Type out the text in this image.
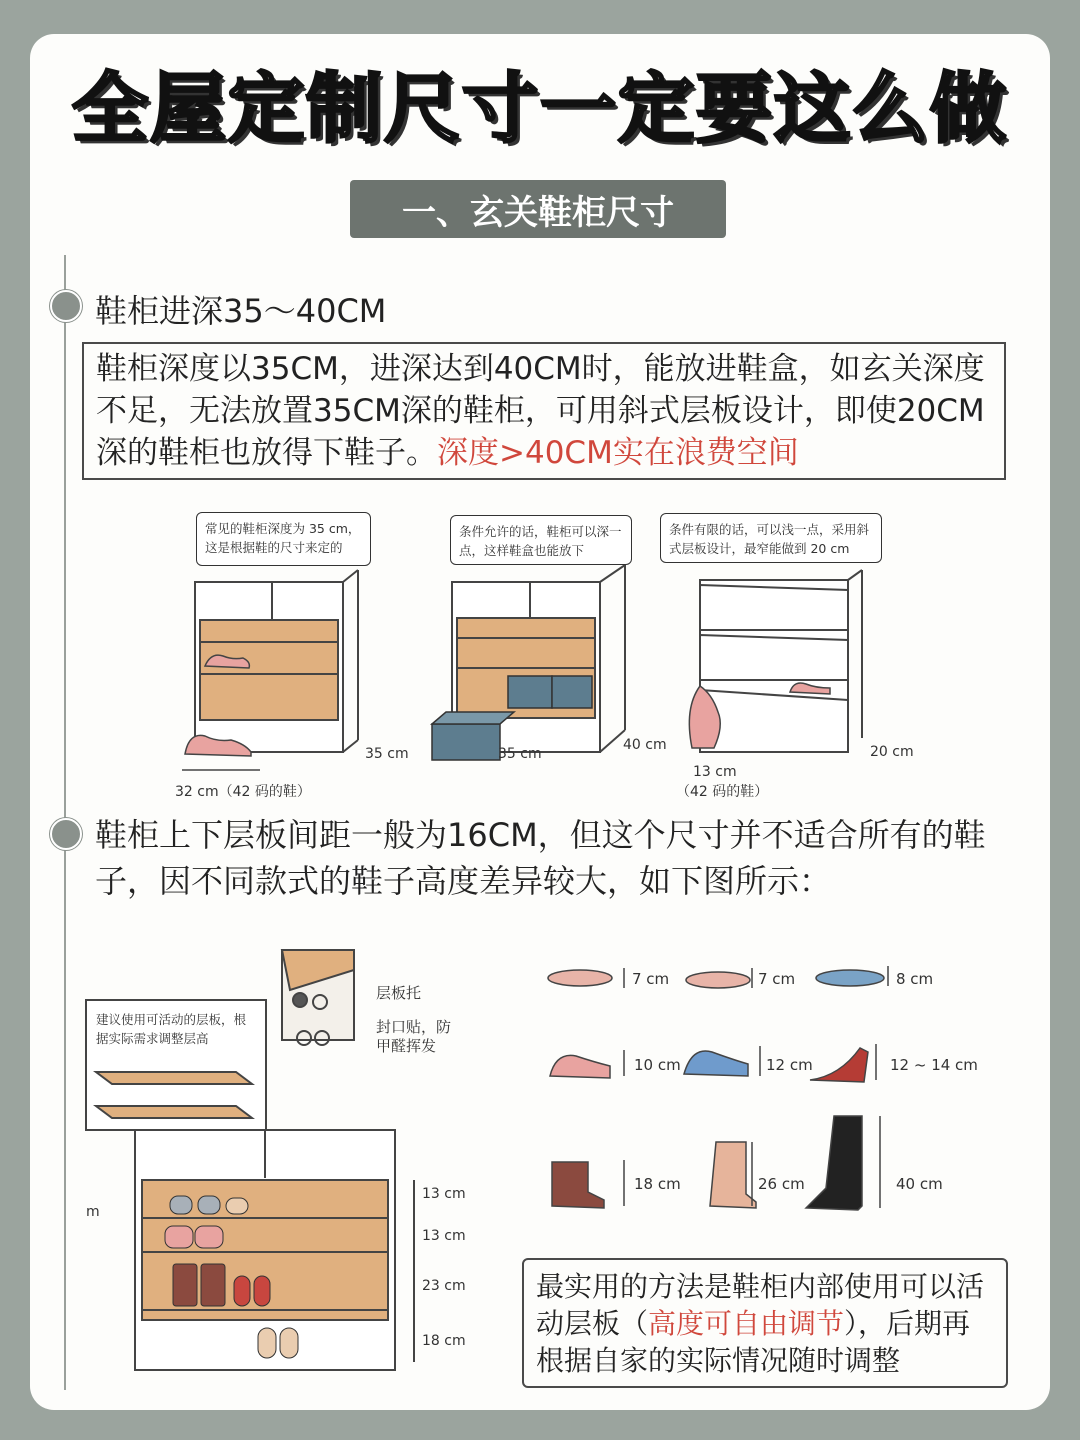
全屋定制尺寸一定要这么做
一、玄关鞋柜尺寸
鞋柜进深35～40CM
鞋柜深度以35CM，进深达到40CM时，能放进鞋盒，如玄关深度不足，无法放置35CM深的鞋柜，可用斜式层板设计，即使20CM深的鞋柜也放得下鞋子。深度>40CM实在浪费空间
常见的鞋柜深度为 35 cm，这是根据鞋的尺寸来定的
条件允许的话，鞋柜可以深一点，这样鞋盒也能放下
条件有限的话，可以浅一点，采用斜式层板设计，最窄能做到 20 cm
35 cm
32 cm（42 码的鞋）
35 cm
40 cm	20 cm
13 cm
（42 码的鞋）
鞋柜上下层板间距一般为16CM，但这个尺寸并不适合所有的鞋子，因不同款式的鞋子高度差异较大，如下图所示：
建议使用可活动的层板，根据实际需求调整层高
层板托
封口贴，防甲醛挥发
m
13 cm
13 cm
23 cm
18 cm
7 cm	7 cm	8 cm
10 cm	12 cm	12 ~ 14 cm
18 cm	26 cm	40 cm
最实用的方法是鞋柜内部使用可以活动层板（高度可自由调节），后期再根据自家的实际情况随时调整
